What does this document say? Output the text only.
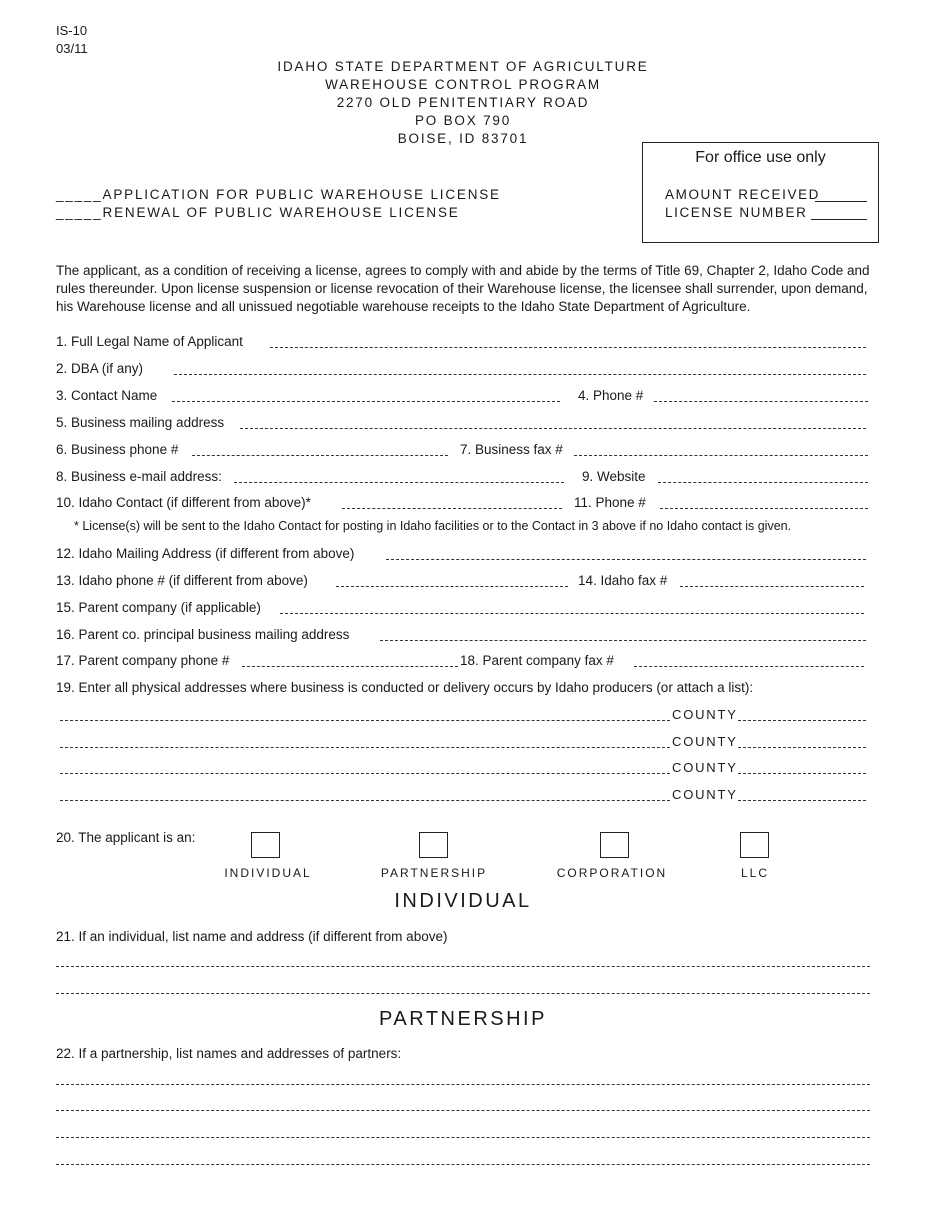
IS-10
03/11
IDAHO STATE DEPARTMENT OF AGRICULTURE
WAREHOUSE CONTROL PROGRAM
2270 OLD PENITENTIARY ROAD
PO BOX 790
BOISE, ID 83701
_____APPLICATION FOR PUBLIC WAREHOUSE LICENSE
_____RENEWAL OF PUBLIC WAREHOUSE LICENSE
For office use only
AMOUNT RECEIVED
LICENSE NUMBER
The applicant, as a condition of receiving a license, agrees to comply with and abide by the terms of Title 69, Chapter 2, Idaho Code and rules thereunder. Upon license suspension or license revocation of their Warehouse license, the licensee shall surrender, upon demand, his Warehouse license and all unissued negotiable warehouse receipts to the Idaho State Department of Agriculture.
1. Full Legal Name of Applicant
2. DBA (if any)
3. Contact Name	4. Phone #
5. Business mailing address
6. Business phone #	7. Business fax #
8. Business e-mail address:	9. Website
10. Idaho Contact (if different from above)*	11. Phone #
* License(s) will be sent to the Idaho Contact for posting in Idaho facilities or to the Contact in 3 above if no Idaho contact is given.
12. Idaho Mailing Address (if different from above)
13. Idaho phone # (if different from above)	14. Idaho fax #
15. Parent company (if applicable)
16. Parent co. principal business mailing address
17. Parent company phone #	18. Parent company fax #
19. Enter all physical addresses where business is conducted or delivery occurs by Idaho producers (or attach a list):
COUNTY
COUNTY
COUNTY
COUNTY
20. The applicant is an:
INDIVIDUAL	PARTNERSHIP	CORPORATION	LLC
INDIVIDUAL
21. If an individual, list name and address (if different from above)
PARTNERSHIP
22. If a partnership, list names and addresses of partners:
